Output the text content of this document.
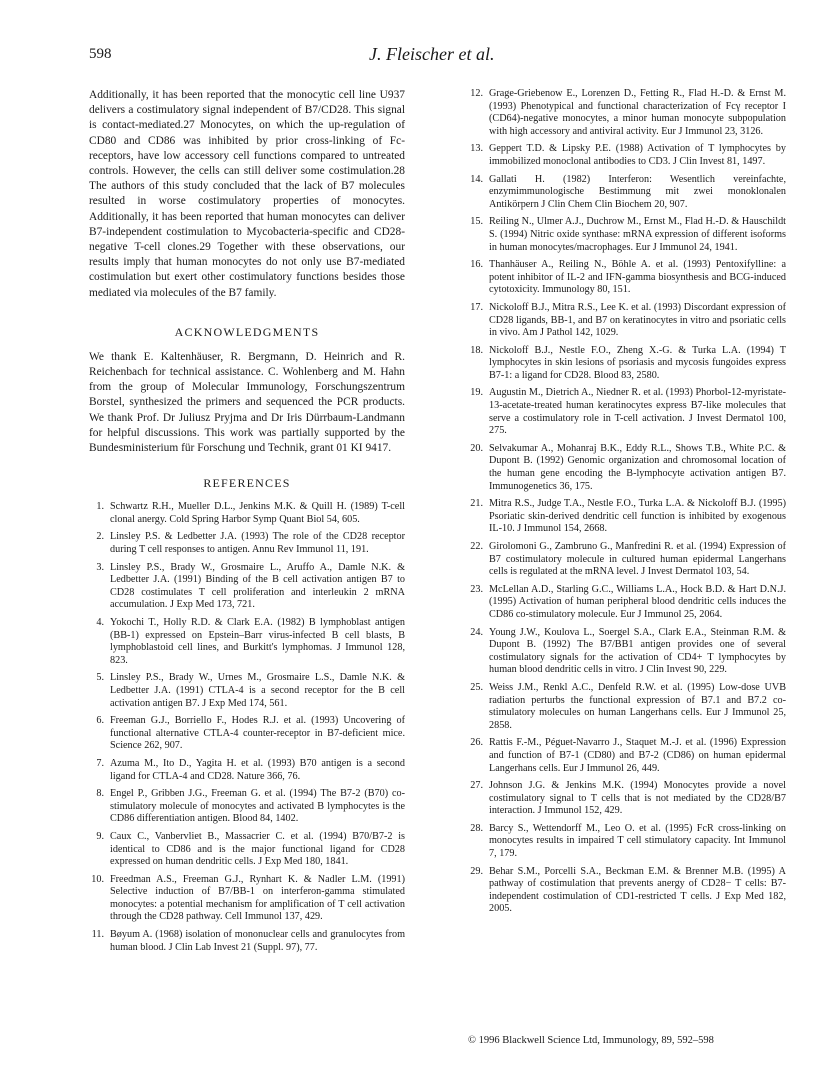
598	J. Fleischer et al.

Additionally, it has been reported that the monocytic cell line U937 delivers a costimulatory signal independent of B7/CD28. This signal is contact-mediated.27 Monocytes, on which the up-regulation of CD80 and CD86 was inhibited by prior cross-linking of Fc-receptors, have low accessory cell functions compared to untreated controls. However, the cells can still deliver some costimulation.28 The authors of this study concluded that the lack of B7 molecules resulted in worse costimulatory properties of monocytes. Additionally, it has been reported that human monocytes can deliver B7-independent costimulation to Mycobacteria-specific and CD28-negative T-cell clones.29 Together with these observations, our results imply that human monocytes do not only use B7-mediated costimulation but exert other costimulatory functions besides those mediated via molecules of the B7 family.

ACKNOWLEDGMENTS

We thank E. Kaltenhäuser, R. Bergmann, D. Heinrich and R. Reichenbach for technical assistance. C. Wohlenberg and M. Hahn from the group of Molecular Immunology, Forschungszentrum Borstel, synthesized the primers and sequenced the PCR products. We thank Prof. Dr Juliusz Pryjma and Dr Iris Dürrbaum-Landmann for helpful discussions. This work was partially supported by the Bundesministerium für Forschung und Technik, grant 01 KI 9417.

REFERENCES
1. Schwartz R.H., Mueller D.L., Jenkins M.K. & Quill H. (1989) T-cell clonal anergy. Cold Spring Harbor Symp Quant Biol 54, 605.
2. Linsley P.S. & Ledbetter J.A. (1993) The role of the CD28 receptor during T cell responses to antigen. Annu Rev Immunol 11, 191.
3. Linsley P.S., Brady W., Grosmaire L., Aruffo A., Damle N.K. & Ledbetter J.A. (1991) Binding of the B cell activation antigen B7 to CD28 costimulates T cell proliferation and interleukin 2 mRNA accumulation. J Exp Med 173, 721.
4. Yokochi T., Holly R.D. & Clark E.A. (1982) B lymphoblast antigen (BB-1) expressed on Epstein–Barr virus-infected B cell blasts, B lymphoblastoid cell lines, and Burkitt's lymphomas. J Immunol 128, 823.
5. Linsley P.S., Brady W., Urnes M., Grosmaire L.S., Damle N.K. & Ledbetter J.A. (1991) CTLA-4 is a second receptor for the B cell activation antigen B7. J Exp Med 174, 561.
6. Freeman G.J., Borriello F., Hodes R.J. et al. (1993) Uncovering of functional alternative CTLA-4 counter-receptor in B7-deficient mice. Science 262, 907.
7. Azuma M., Ito D., Yagita H. et al. (1993) B70 antigen is a second ligand for CTLA-4 and CD28. Nature 366, 76.
8. Engel P., Gribben J.G., Freeman G. et al. (1994) The B7-2 (B70) co-stimulatory molecule of monocytes and activated B lymphocytes is the CD86 differentiation antigen. Blood 84, 1402.
9. Caux C., Vanbervliet B., Massacrier C. et al. (1994) B70/B7-2 is identical to CD86 and is the major functional ligand for CD28 expressed on human dendritic cells. J Exp Med 180, 1841.
10. Freedman A.S., Freeman G.J., Rynhart K. & Nadler L.M. (1991) Selective induction of B7/BB-1 on interferon-gamma stimulated monocytes: a potential mechanism for amplification of T cell activation through the CD28 pathway. Cell Immunol 137, 429.
11. Bøyum A. (1968) isolation of mononuclear cells and granulocytes from human blood. J Clin Lab Invest 21 (Suppl. 97), 77.
12. Grage-Griebenow E., Lorenzen D., Fetting R., Flad H.-D. & Ernst M. (1993) Phenotypical and functional characterization of Fcγ receptor I (CD64)-negative monocytes, a minor human monocyte subpopulation with high accessory and antiviral activity. Eur J Immunol 23, 3126.
13. Geppert T.D. & Lipsky P.E. (1988) Activation of T lymphocytes by immobilized monoclonal antibodies to CD3. J Clin Invest 81, 1497.
14. Gallati H. (1982) Interferon: Wesentlich vereinfachte, enzymimmunologische Bestimmung mit zwei monoklonalen Antikörpern J Clin Chem Clin Biochem 20, 907.
15. Reiling N., Ulmer A.J., Duchrow M., Ernst M., Flad H.-D. & Hauschildt S. (1994) Nitric oxide synthase: mRNA expression of different isoforms in human monocytes/macrophages. Eur J Immunol 24, 1941.
16. Thanhäuser A., Reiling N., Böhle A. et al. (1993) Pentoxifylline: a potent inhibitor of IL-2 and IFN-gamma biosynthesis and BCG-induced cytotoxicity. Immunology 80, 151.
17. Nickoloff B.J., Mitra R.S., Lee K. et al. (1993) Discordant expression of CD28 ligands, BB-1, and B7 on keratinocytes in vitro and psoriatic cells in vivo. Am J Pathol 142, 1029.
18. Nickoloff B.J., Nestle F.O., Zheng X.-G. & Turka L.A. (1994) T lymphocytes in skin lesions of psoriasis and mycosis fungoides express B7-1: a ligand for CD28. Blood 83, 2580.
19. Augustin M., Dietrich A., Niedner R. et al. (1993) Phorbol-12-myristate-13-acetate-treated human keratinocytes express B7-like molecules that serve a costimulatory role in T-cell activation. J Invest Dermatol 100, 275.
20. Selvakumar A., Mohanraj B.K., Eddy R.L., Shows T.B., White P.C. & Dupont B. (1992) Genomic organization and chromosomal location of the human gene encoding the B-lymphocyte activation antigen B7. Immunogenetics 36, 175.
21. Mitra R.S., Judge T.A., Nestle F.O., Turka L.A. & Nickoloff B.J. (1995) Psoriatic skin-derived dendritic cell function is inhibited by exogenous IL-10. J Immunol 154, 2668.
22. Girolomoni G., Zambruno G., Manfredini R. et al. (1994) Expression of B7 costimulatory molecule in cultured human epidermal Langerhans cells is regulated at the mRNA level. J Invest Dermatol 103, 54.
23. McLellan A.D., Starling G.C., Williams L.A., Hock B.D. & Hart D.N.J. (1995) Activation of human peripheral blood dendritic cells induces the CD86 co-stimulatory molecule. Eur J Immunol 25, 2064.
24. Young J.W., Koulova L., Soergel S.A., Clark E.A., Steinman R.M. & Dupont B. (1992) The B7/BB1 antigen provides one of several costimulatory signals for the activation of CD4+ T lymphocytes by human blood dendritic cells in vitro. J Clin Invest 90, 229.
25. Weiss J.M., Renkl A.C., Denfeld R.W. et al. (1995) Low-dose UVB radiation perturbs the functional expression of B7.1 and B7.2 co-stimulatory molecules on human Langerhans cells. Eur J Immunol 25, 2858.
26. Rattis F.-M., Péguet-Navarro J., Staquet M.-J. et al. (1996) Expression and function of B7-1 (CD80) and B7-2 (CD86) on human epidermal Langerhans cells. Eur J Immunol 26, 449.
27. Johnson J.G. & Jenkins M.K. (1994) Monocytes provide a novel costimulatory signal to T cells that is not mediated by the CD28/B7 interaction. J Immunol 152, 429.
28. Barcy S., Wettendorff M., Leo O. et al. (1995) FcR cross-linking on monocytes results in impaired T cell stimulatory capacity. Int Immunol 7, 179.
29. Behar S.M., Porcelli S.A., Beckman E.M. & Brenner M.B. (1995) A pathway of costimulation that prevents anergy of CD28− T cells: B7-independent costimulation of CD1-restricted T cells. J Exp Med 182, 2005.
© 1996 Blackwell Science Ltd, Immunology, 89, 592–598
